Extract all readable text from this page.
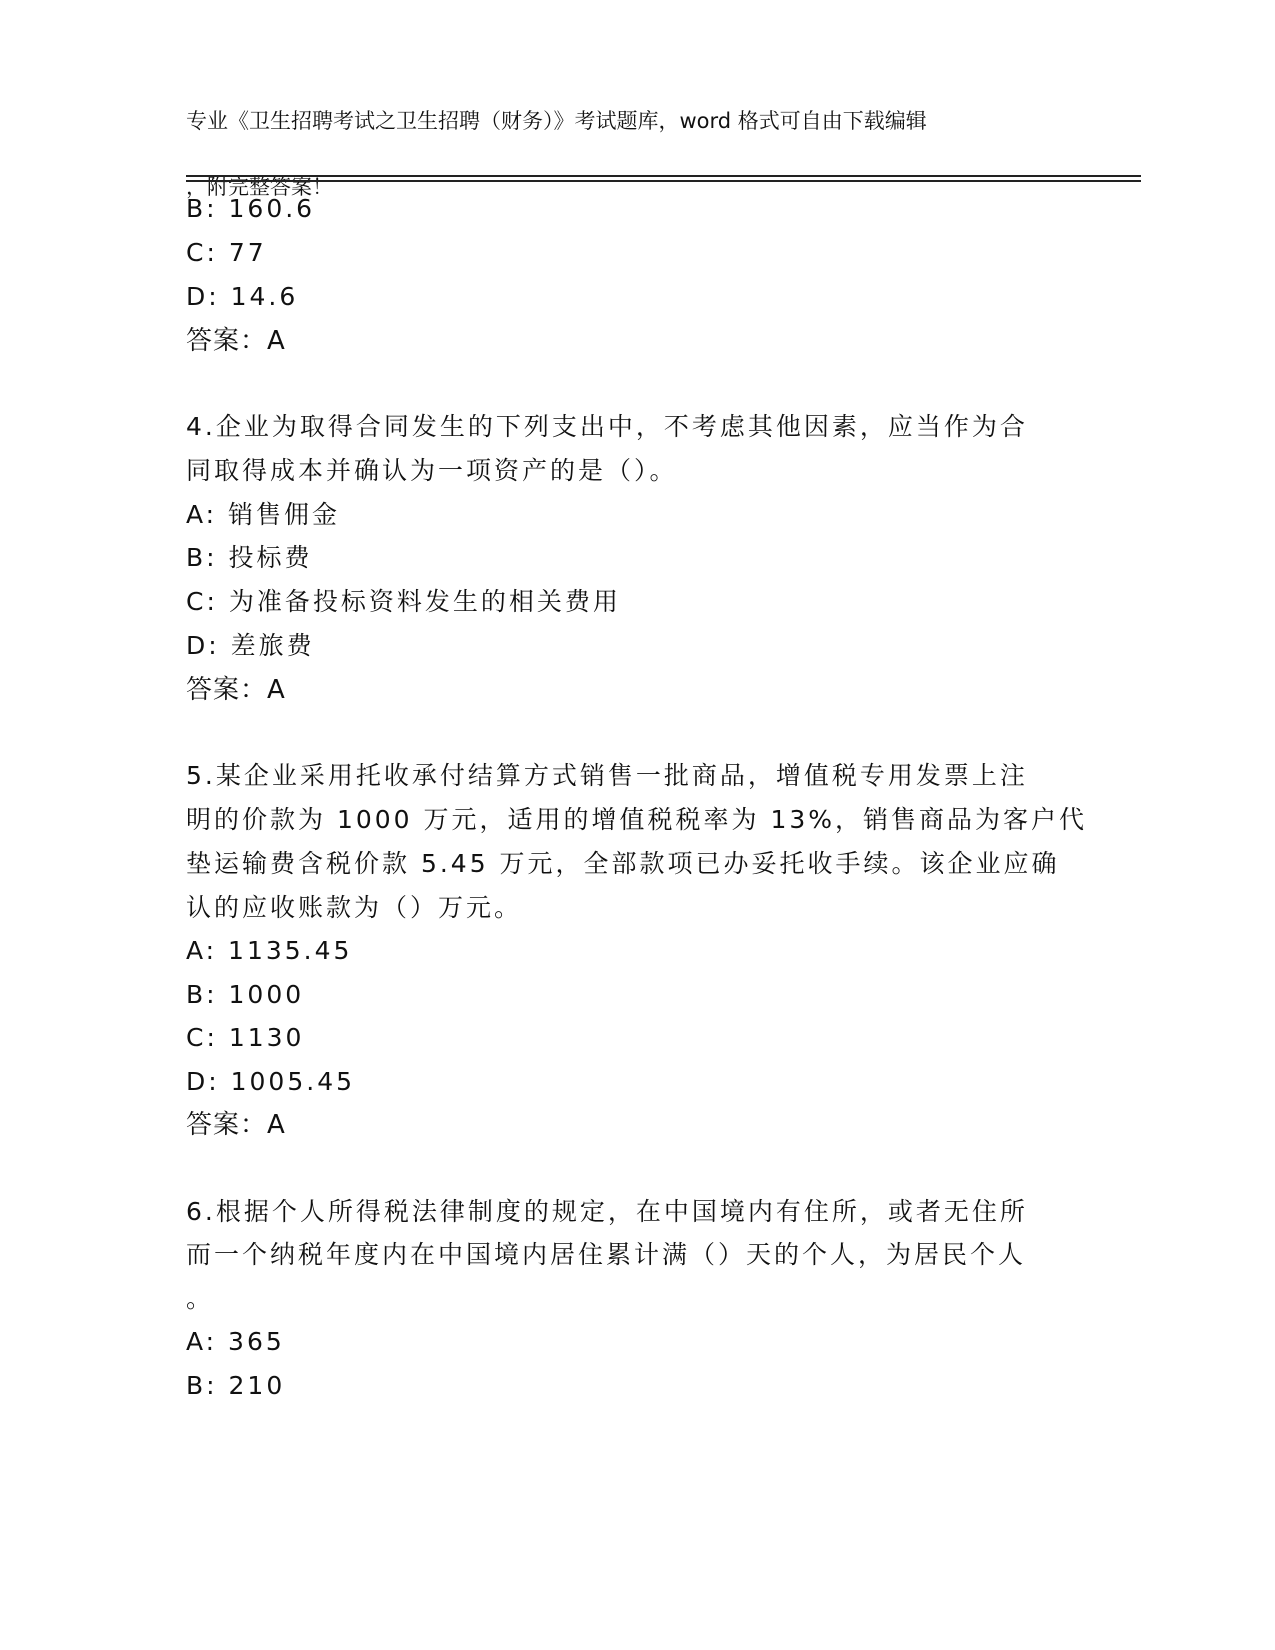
专业《卫生招聘考试之卫生招聘（财务）》考试题库，word 格式可自由下载编辑

，附完整答案！

B: 160.6
C: 77
D: 14.6
答案：A
4.企业为取得合同发生的下列支出中，不考虑其他因素，应当作为合
同取得成本并确认为一项资产的是（）。
A: 销售佣金
B: 投标费
C: 为准备投标资料发生的相关费用
D: 差旅费
答案：A
5.某企业采用托收承付结算方式销售一批商品，增值税专用发票上注
明的价款为 1000 万元，适用的增值税税率为 13%，销售商品为客户代
垫运输费含税价款 5.45 万元，全部款项已办妥托收手续。该企业应确
认的应收账款为（）万元。
A: 1135.45
B: 1000
C: 1130
D: 1005.45
答案：A
6.根据个人所得税法律制度的规定，在中国境内有住所，或者无住所
而一个纳税年度内在中国境内居住累计满（）天的个人，为居民个人
。
A: 365
B: 210
